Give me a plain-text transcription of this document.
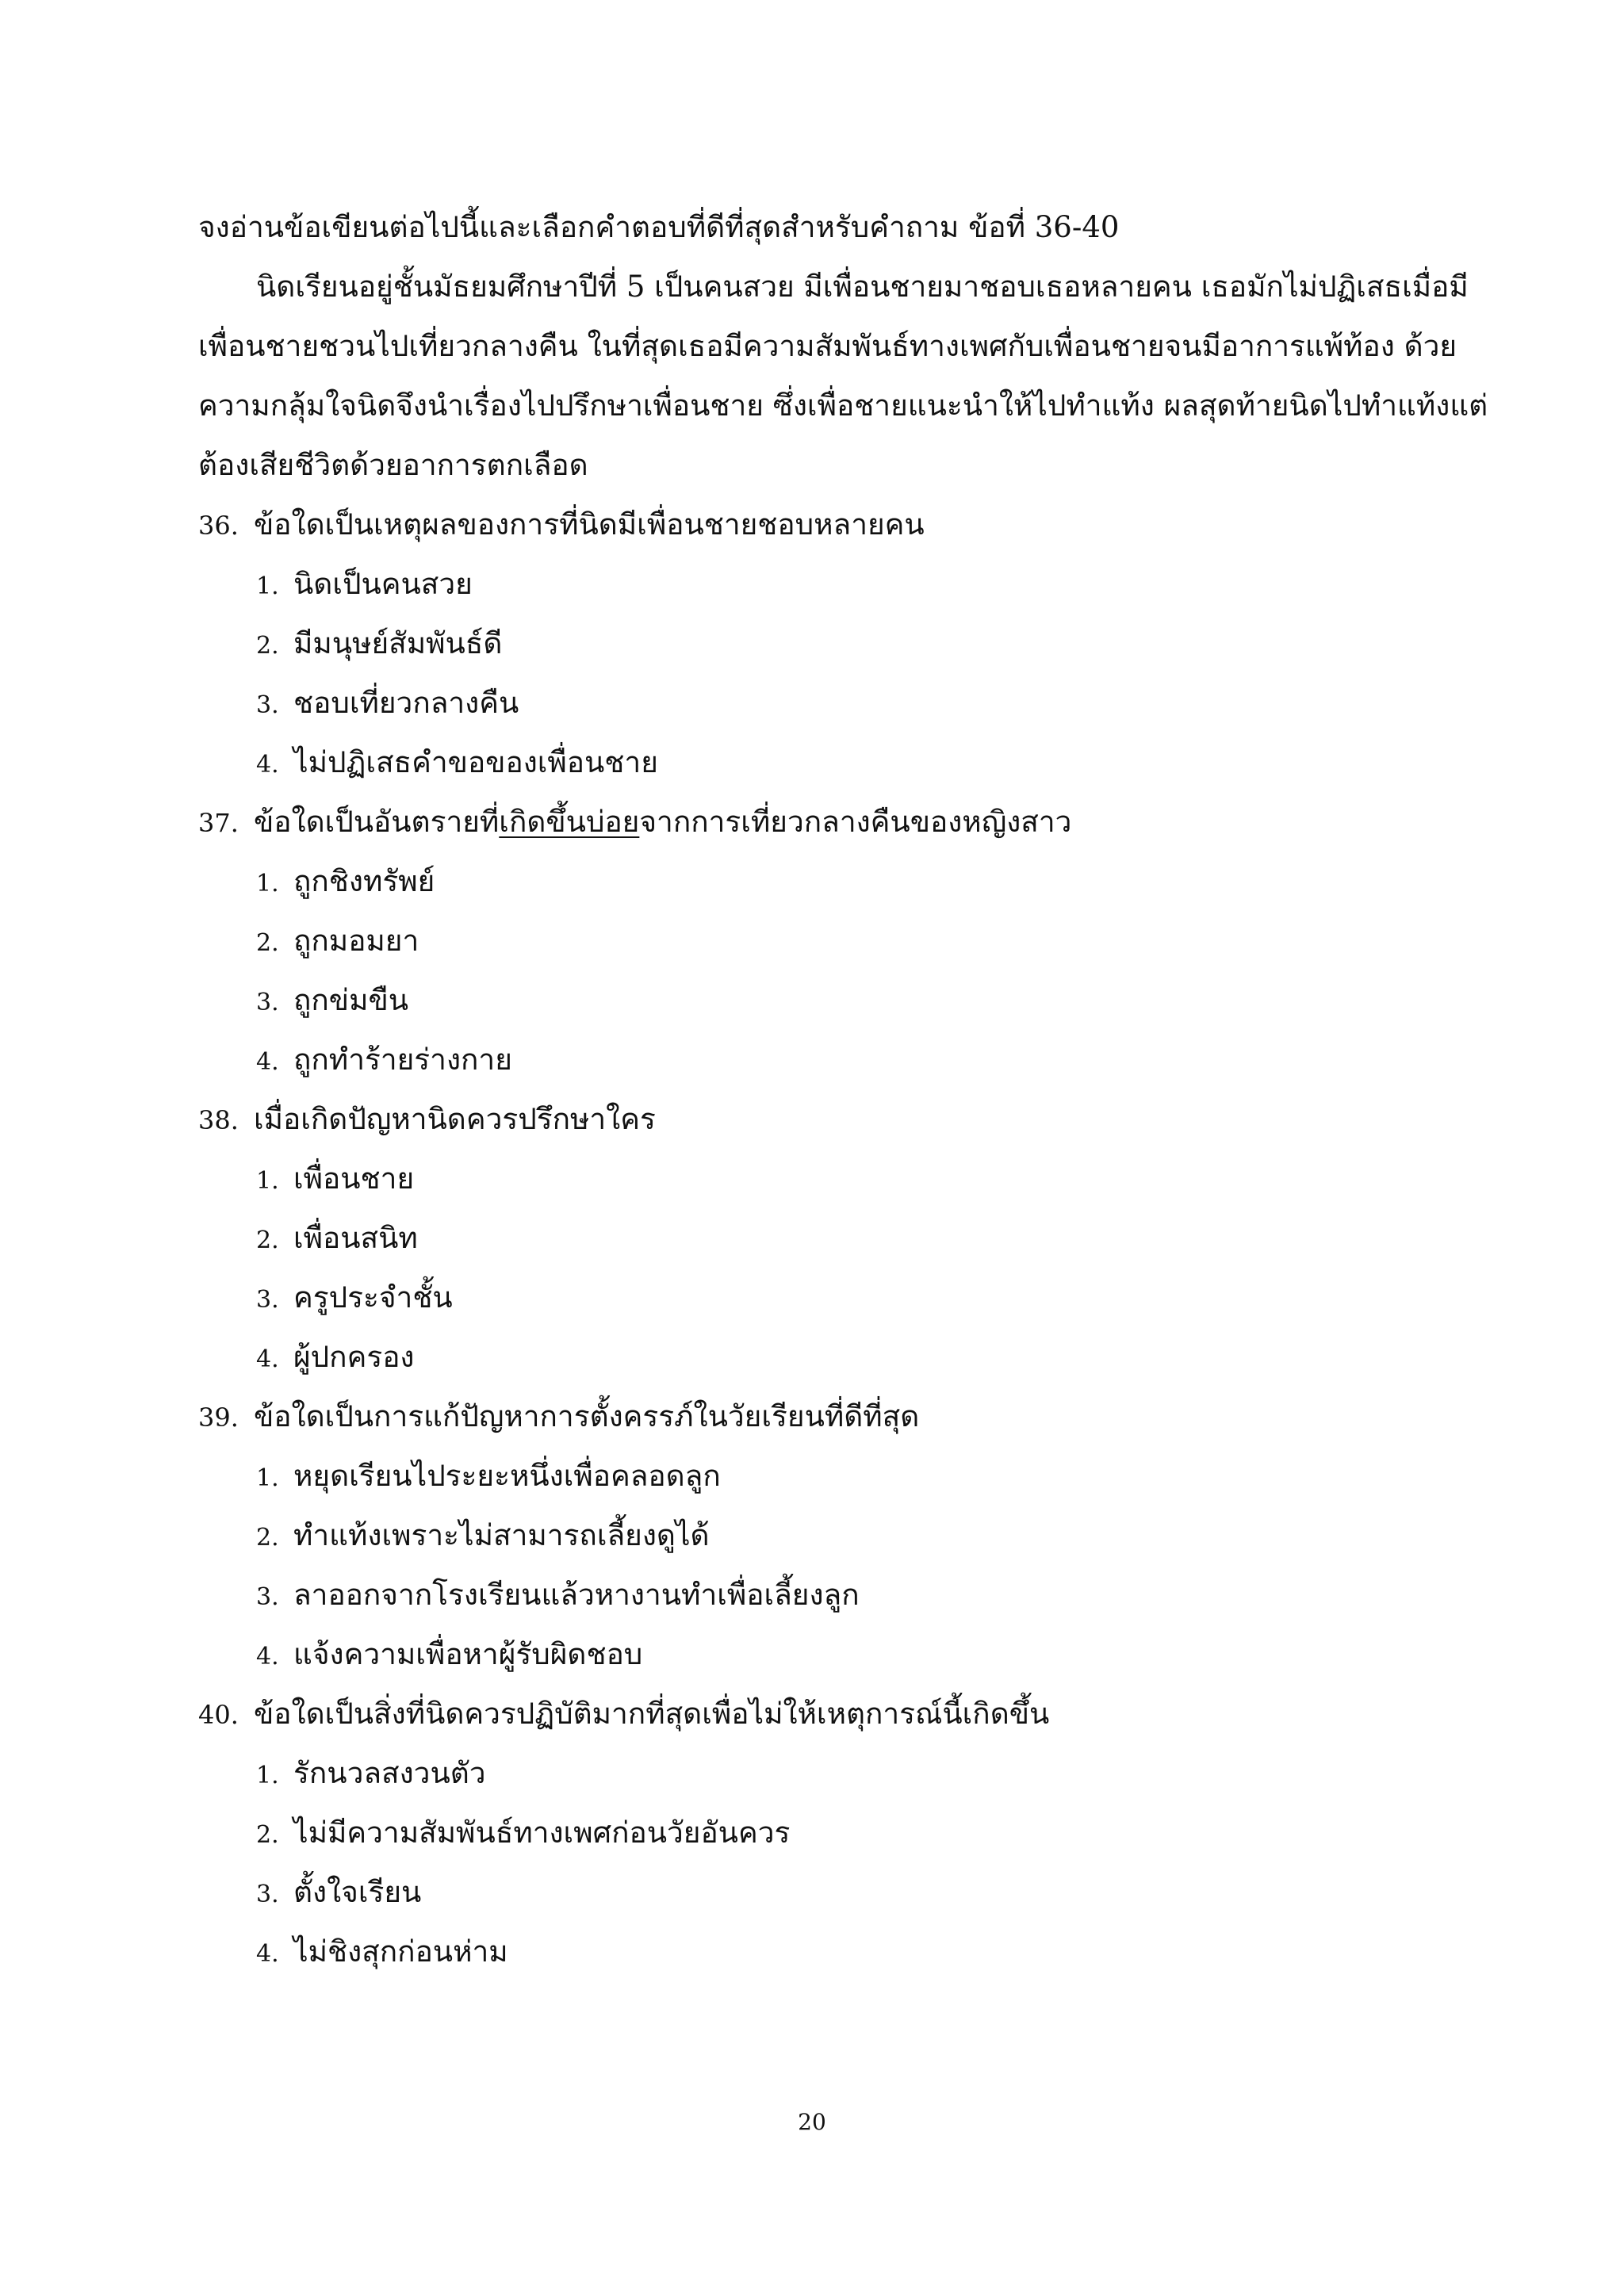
จงอ่านข้อเขียนต่อไปนี้และเลือกคำตอบที่ดีที่สุดสำหรับคำถาม ข้อที่ 36-40
นิดเรียนอยู่ชั้นมัธยมศึกษาปีที่ 5 เป็นคนสวย มีเพื่อนชายมาชอบเธอหลายคน เธอมักไม่ปฏิเสธเมื่อมี
เพื่อนชายชวนไปเที่ยวกลางคืน ในที่สุดเธอมีความสัมพันธ์ทางเพศกับเพื่อนชายจนมีอาการแพ้ท้อง ด้วย
ความกลุ้มใจนิดจึงนำเรื่องไปปรึกษาเพื่อนชาย ซึ่งเพื่อชายแนะนำให้ไปทำแท้ง ผลสุดท้ายนิดไปทำแท้งแต่
ต้องเสียชีวิตด้วยอาการตกเลือด
36. ข้อใดเป็นเหตุผลของการที่นิดมีเพื่อนชายชอบหลายคน
1. นิดเป็นคนสวย
2. มีมนุษย์สัมพันธ์ดี
3. ชอบเที่ยวกลางคืน
4. ไม่ปฏิเสธคำขอของเพื่อนชาย
37. ข้อใดเป็นอันตรายที่เกิดขึ้นบ่อยจากการเที่ยวกลางคืนของหญิงสาว
1. ถูกชิงทรัพย์
2. ถูกมอมยา
3. ถูกข่มขืน
4. ถูกทำร้ายร่างกาย
38. เมื่อเกิดปัญหานิดควรปรึกษาใคร
1. เพื่อนชาย
2. เพื่อนสนิท
3. ครูประจำชั้น
4. ผู้ปกครอง
39. ข้อใดเป็นการแก้ปัญหาการตั้งครรภ์ในวัยเรียนที่ดีที่สุด
1. หยุดเรียนไประยะหนึ่งเพื่อคลอดลูก
2. ทำแท้งเพราะไม่สามารถเลี้ยงดูได้
3. ลาออกจากโรงเรียนแล้วหางานทำเพื่อเลี้ยงลูก
4. แจ้งความเพื่อหาผู้รับผิดชอบ
40. ข้อใดเป็นสิ่งที่นิดควรปฏิบัติมากที่สุดเพื่อไม่ให้เหตุการณ์นี้เกิดขึ้น
1. รักนวลสงวนตัว
2. ไม่มีความสัมพันธ์ทางเพศก่อนวัยอันควร
3. ตั้งใจเรียน
4. ไม่ชิงสุกก่อนห่าม
20
